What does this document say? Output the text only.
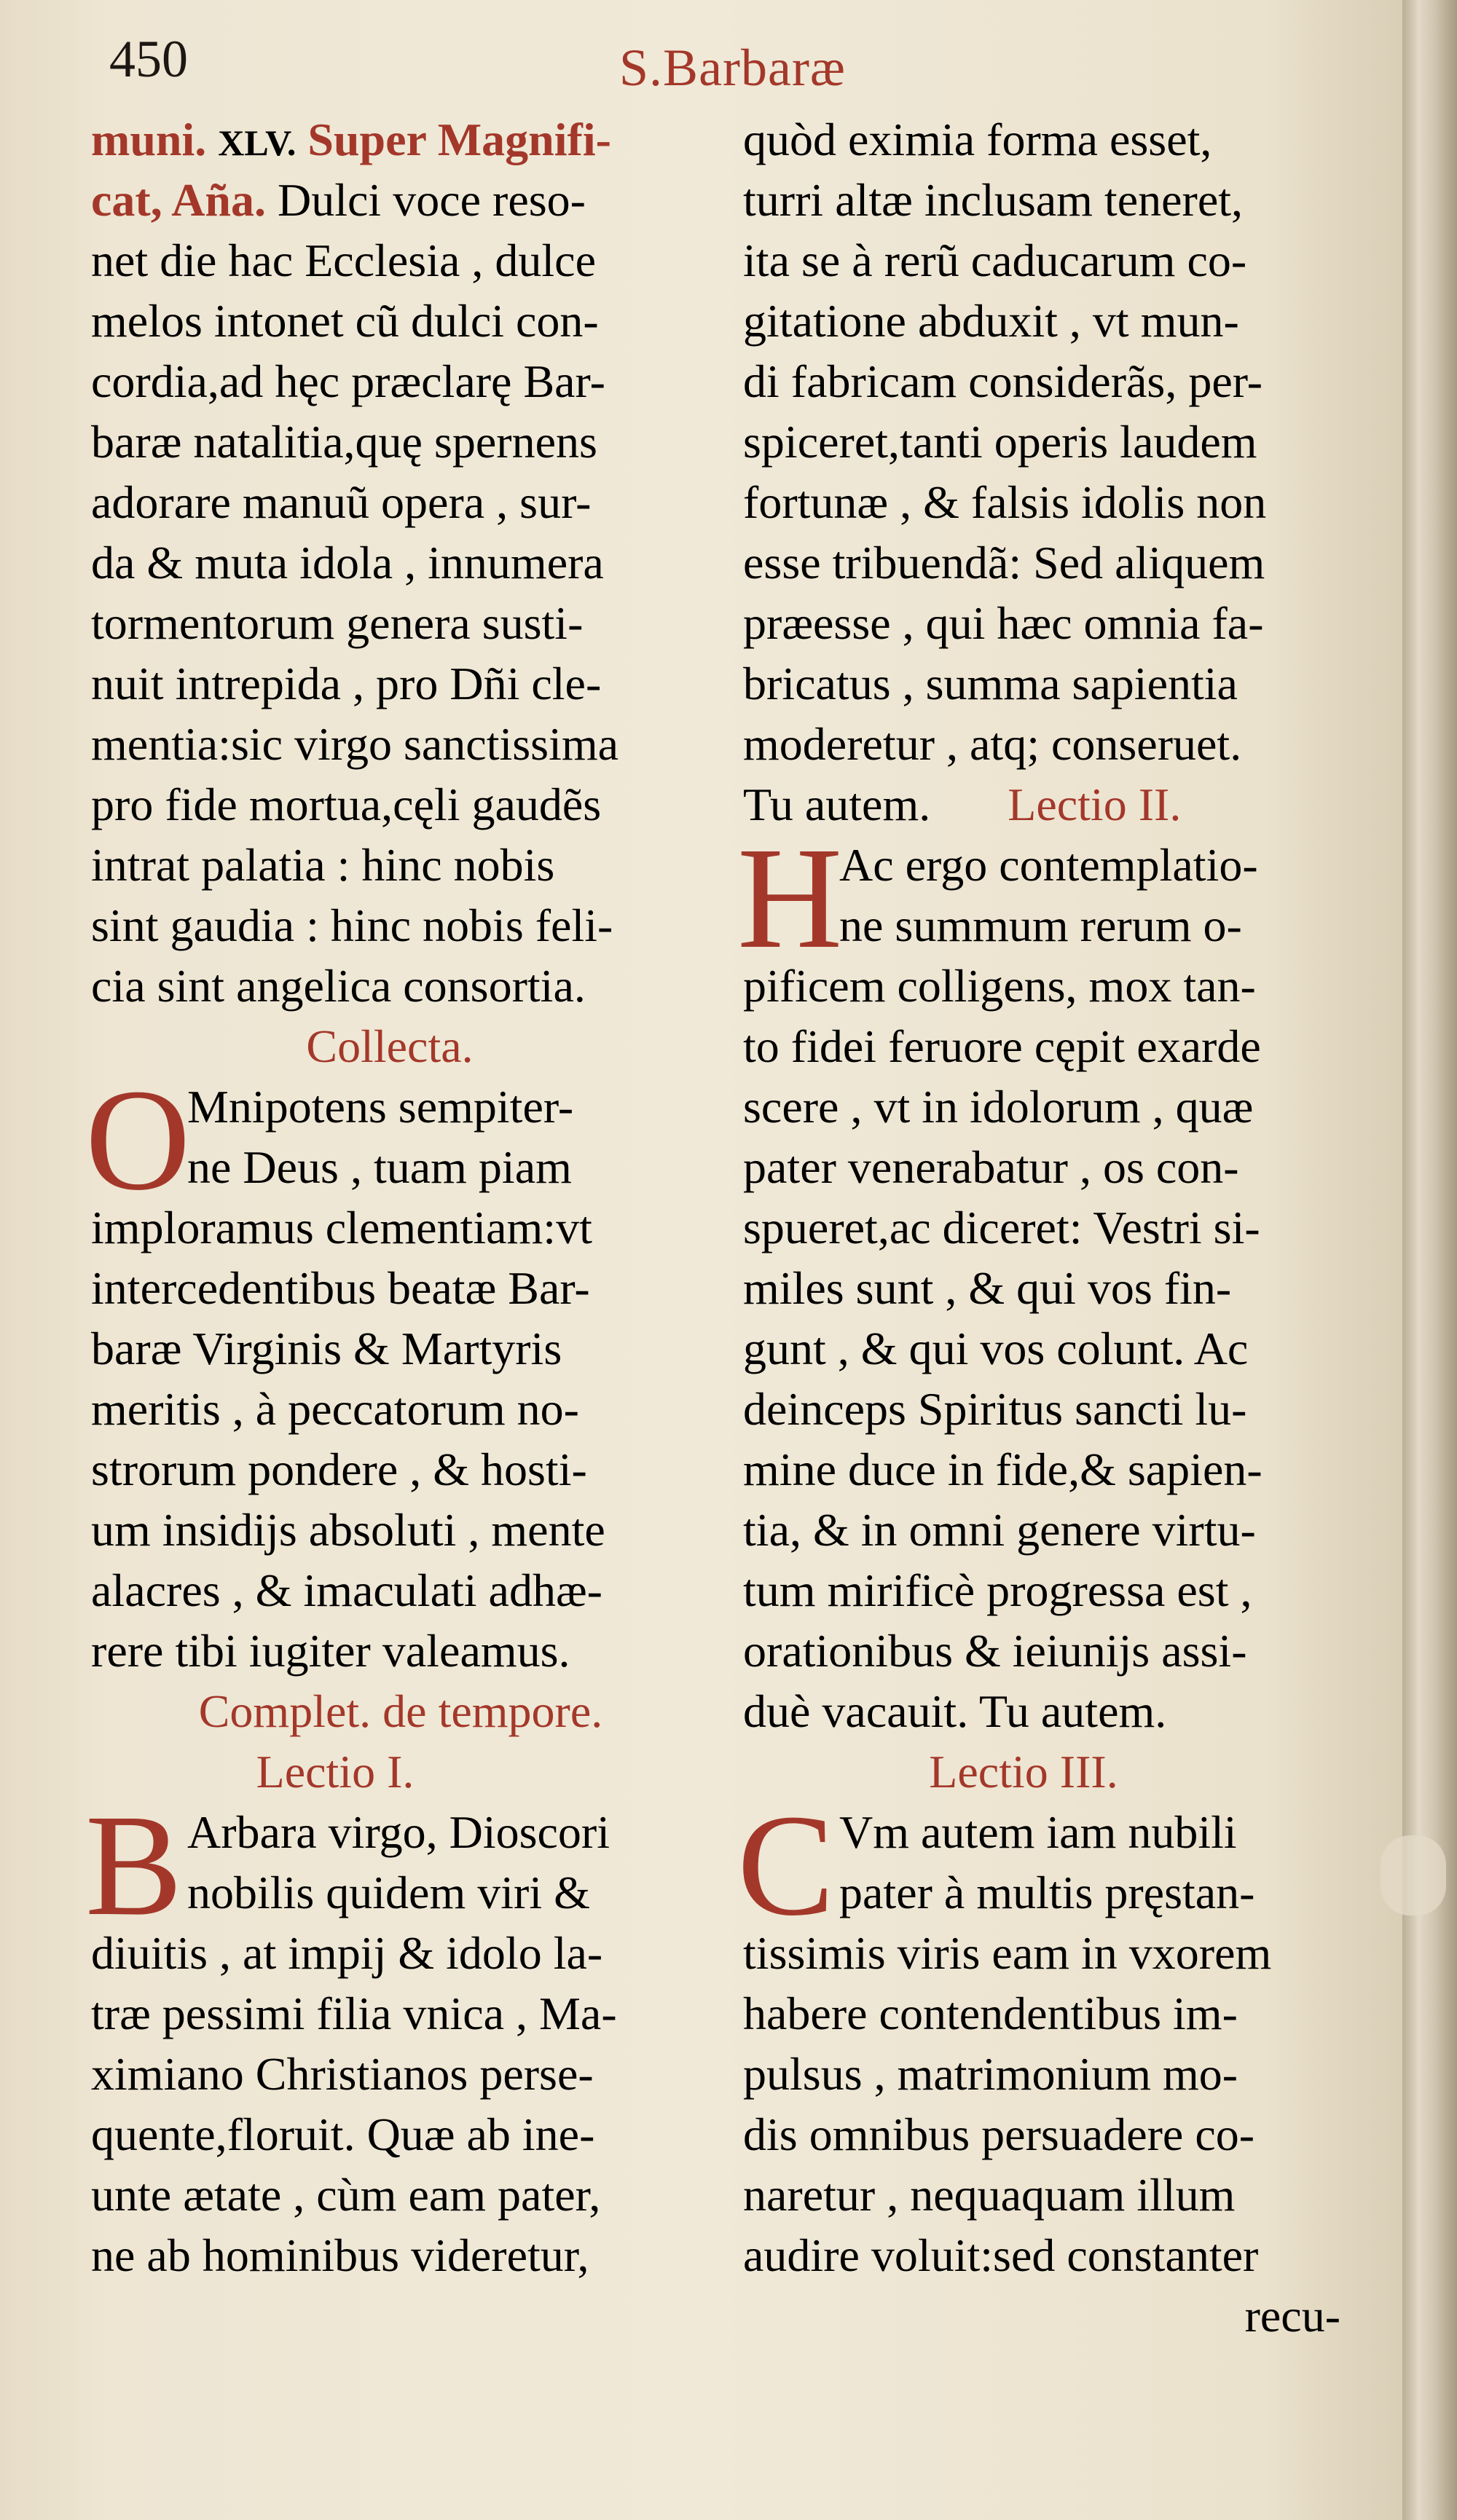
450	S.Barbaræ
muni. XLV. Super Magnifi-
cat, Aña. Dulci voce reso-
net die hac Ecclesia , dulce
melos intonet cũ dulci con-
cordia,ad hęc præclarę Bar-
baræ natalitia,quę spernens
adorare manuũ opera , sur-
da & muta idola , innumera
tormentorum genera susti-
nuit intrepida , pro Dñi cle-
mentia:sic virgo sanctissima
pro fide mortua,cęli gaudẽs
intrat palatia : hinc nobis
sint gaudia : hinc nobis feli-
cia sint angelica consortia.
Collecta.
O
Mnipotens sempiter-
ne Deus , tuam piam
imploramus clementiam:vt
intercedentibus beatæ Bar-
baræ Virginis & Martyris
meritis , à peccatorum no-
strorum pondere , & hosti-
um insidijs absoluti , mente
alacres , & imaculati adhæ-
rere tibi iugiter valeamus.
Complet. de tempore.
Lectio I.
B Arbara virgo, Dioscori
nobilis quidem viri &
diuitis , at impij & idolo la-
træ pessimi filia vnica , Ma-
ximiano Christianos perse-
quente,floruit. Quæ ab ine-
unte ætate , cùm eam pater,
ne ab hominibus videretur,
quòd eximia forma esset,
turri altæ inclusam teneret,
ita se à rerũ caducarum co-
gitatione abduxit , vt mun-
di fabricam considerãs, per-
spiceret,tanti operis laudem
fortunæ , & falsis idolis non
esse tribuendã: Sed aliquem
præesse , qui hæc omnia fa-
bricatus , summa sapientia
moderetur , atq; conseruet.
Tu autem. Lectio II.
H
Ac ergo contemplatio-
ne summum rerum o-
pificem colligens, mox tan-
to fidei feruore cępit exarde
scere , vt in idolorum , quæ
pater venerabatur , os con-
spueret,ac diceret: Vestri si-
miles sunt , & qui vos fin-
gunt , & qui vos colunt. Ac
deinceps Spiritus sancti lu-
mine duce in fide,& sapien-
tia, & in omni genere virtu-
tum mirificè progressa est ,
orationibus & ieiunijs assi-
duè vacauit. Tu autem.
Lectio III.
C Vm autem iam nubili
pater à multis pręstan-
tissimis viris eam in vxorem
habere contendentibus im-
pulsus , matrimonium mo-
dis omnibus persuadere co-
naretur , nequaquam illum
audire voluit:sed constanter
recu-
